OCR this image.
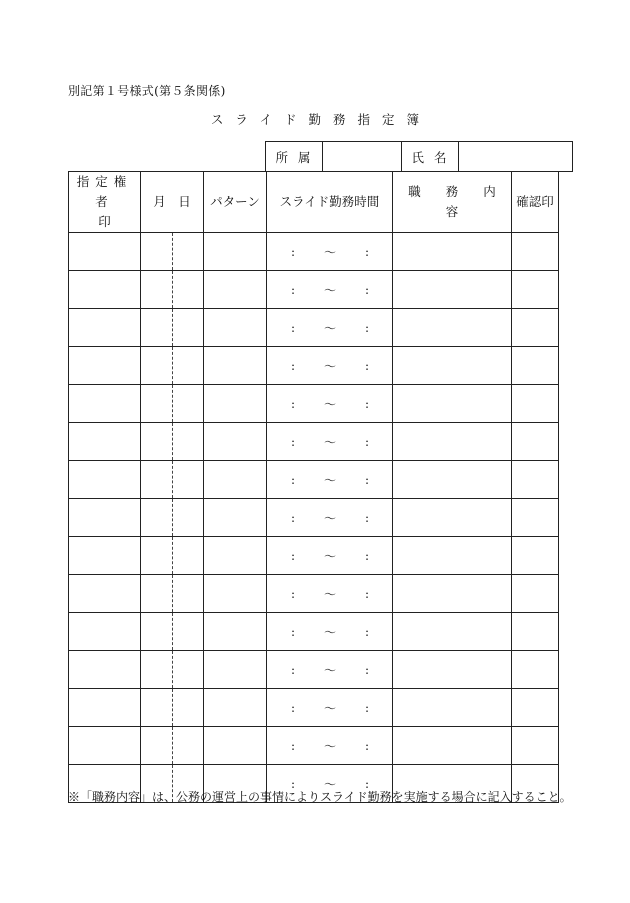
別記第１号様式(第５条関係)
スライド勤務指定簿
所属		氏名	
指定権者
印	月　日		パターン	スライド勤務時間	職　　務　　内　　容	確認印

				: 〜 :		

				: 〜 :		

				: 〜 :		

				: 〜 :		

				: 〜 :		

				: 〜 :		

				: 〜 :		

				: 〜 :		

				: 〜 :		

				: 〜 :		

				: 〜 :		

				: 〜 :		

				: 〜 :		

				: 〜 :		

				: 〜 :		

※「職務内容」は、公務の運営上の事情によりスライド勤務を実施する場合に記入すること。
